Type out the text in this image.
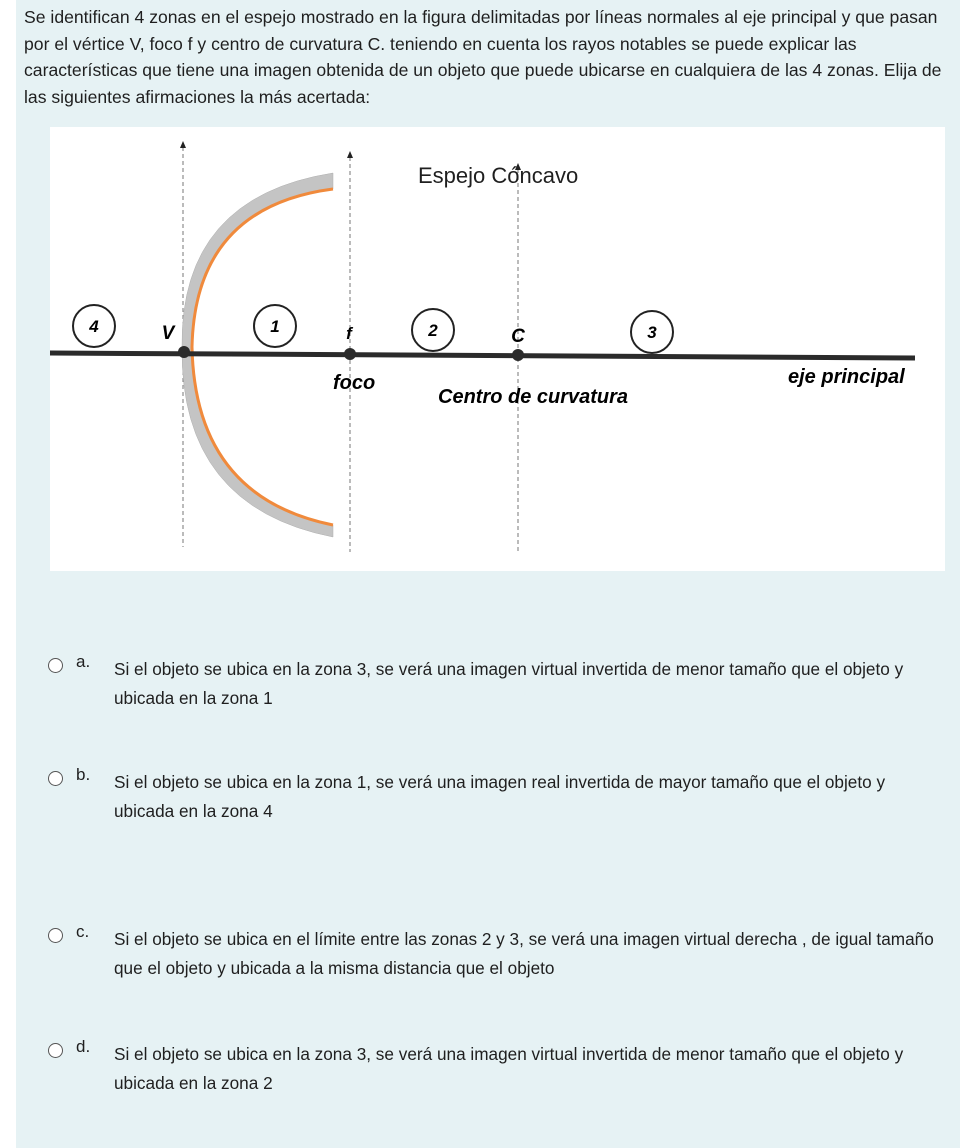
Se identifican 4 zonas en el espejo mostrado en la figura delimitadas por líneas normales al eje principal y que pasan por el vértice V, foco f y centro de curvatura C. teniendo en cuenta los rayos notables se puede explicar las características que tiene una imagen obtenida de un objeto que puede ubicarse en cualquiera de las 4 zonas. Elija de las siguientes afirmaciones la más acertada:

4	1	2	3
V	f	C
Espejo Cóncavo
foco
Centro de curvatura
eje principal
a. Si el objeto se ubica en la zona 3, se verá una imagen virtual invertida de menor tamaño que el objeto y ubicada en la zona 1

b. Si el objeto se ubica en la zona 1, se verá una imagen real invertida de mayor tamaño que el objeto y ubicada en la zona 4

c. Si el objeto se ubica en el límite entre las zonas 2 y 3, se verá una imagen virtual derecha , de igual tamaño que el objeto y ubicada a la misma distancia que el objeto

d. Si el objeto se ubica en la zona 3, se verá una imagen virtual invertida de menor tamaño que el objeto y ubicada en la zona 2
